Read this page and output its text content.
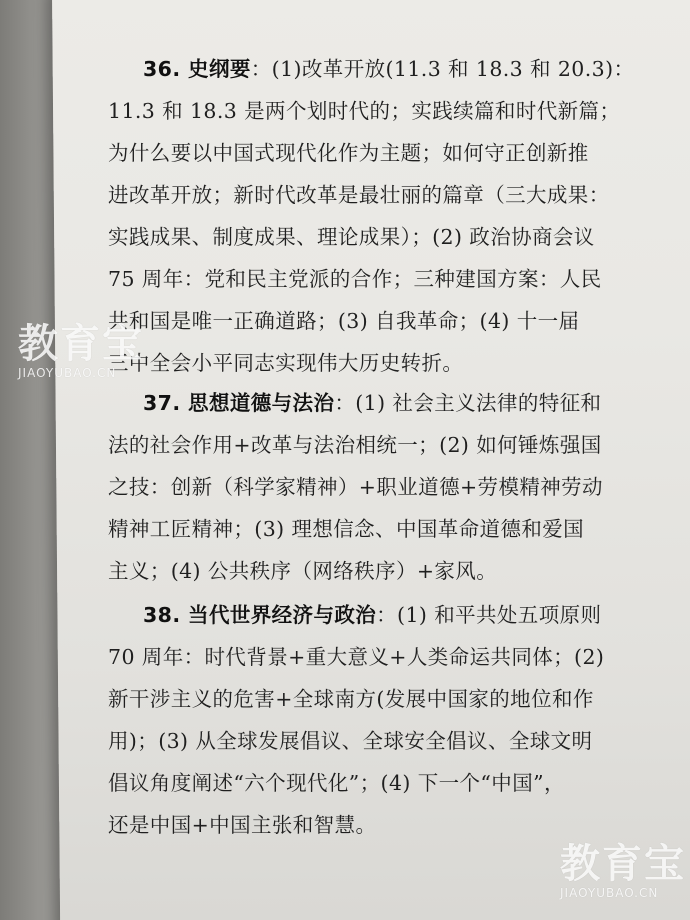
36. 史纲要：(1)改革开放(11.3 和 18.3 和 20.3)：
11.3 和 18.3 是两个划时代的；实践续篇和时代新篇；
为什么要以中国式现代化作为主题；如何守正创新推
进改革开放；新时代改革是最壮丽的篇章（三大成果：
实践成果、制度成果、理论成果）；(2) 政治协商会议
75 周年：党和民主党派的合作；三种建国方案：人民
共和国是唯一正确道路；(3) 自我革命；(4) 十一届
三中全会小平同志实现伟大历史转折。
37. 思想道德与法治：(1) 社会主义法律的特征和
法的社会作用+改革与法治相统一；(2) 如何锤炼强国
之技：创新（科学家精神）+职业道德+劳模精神劳动
精神工匠精神；(3) 理想信念、中国革命道德和爱国
主义；(4) 公共秩序（网络秩序）+家风。
38. 当代世界经济与政治：(1) 和平共处五项原则
70 周年：时代背景+重大意义+人类命运共同体；(2)
新干涉主义的危害+全球南方(发展中国家的地位和作
用)；(3) 从全球发展倡议、全球安全倡议、全球文明
倡议角度阐述“六个现代化”；(4) 下一个“中国”，
还是中国+中国主张和智慧。
教育宝
JIAOYUBAO.CN
教育宝
JIAOYUBAO.CN
